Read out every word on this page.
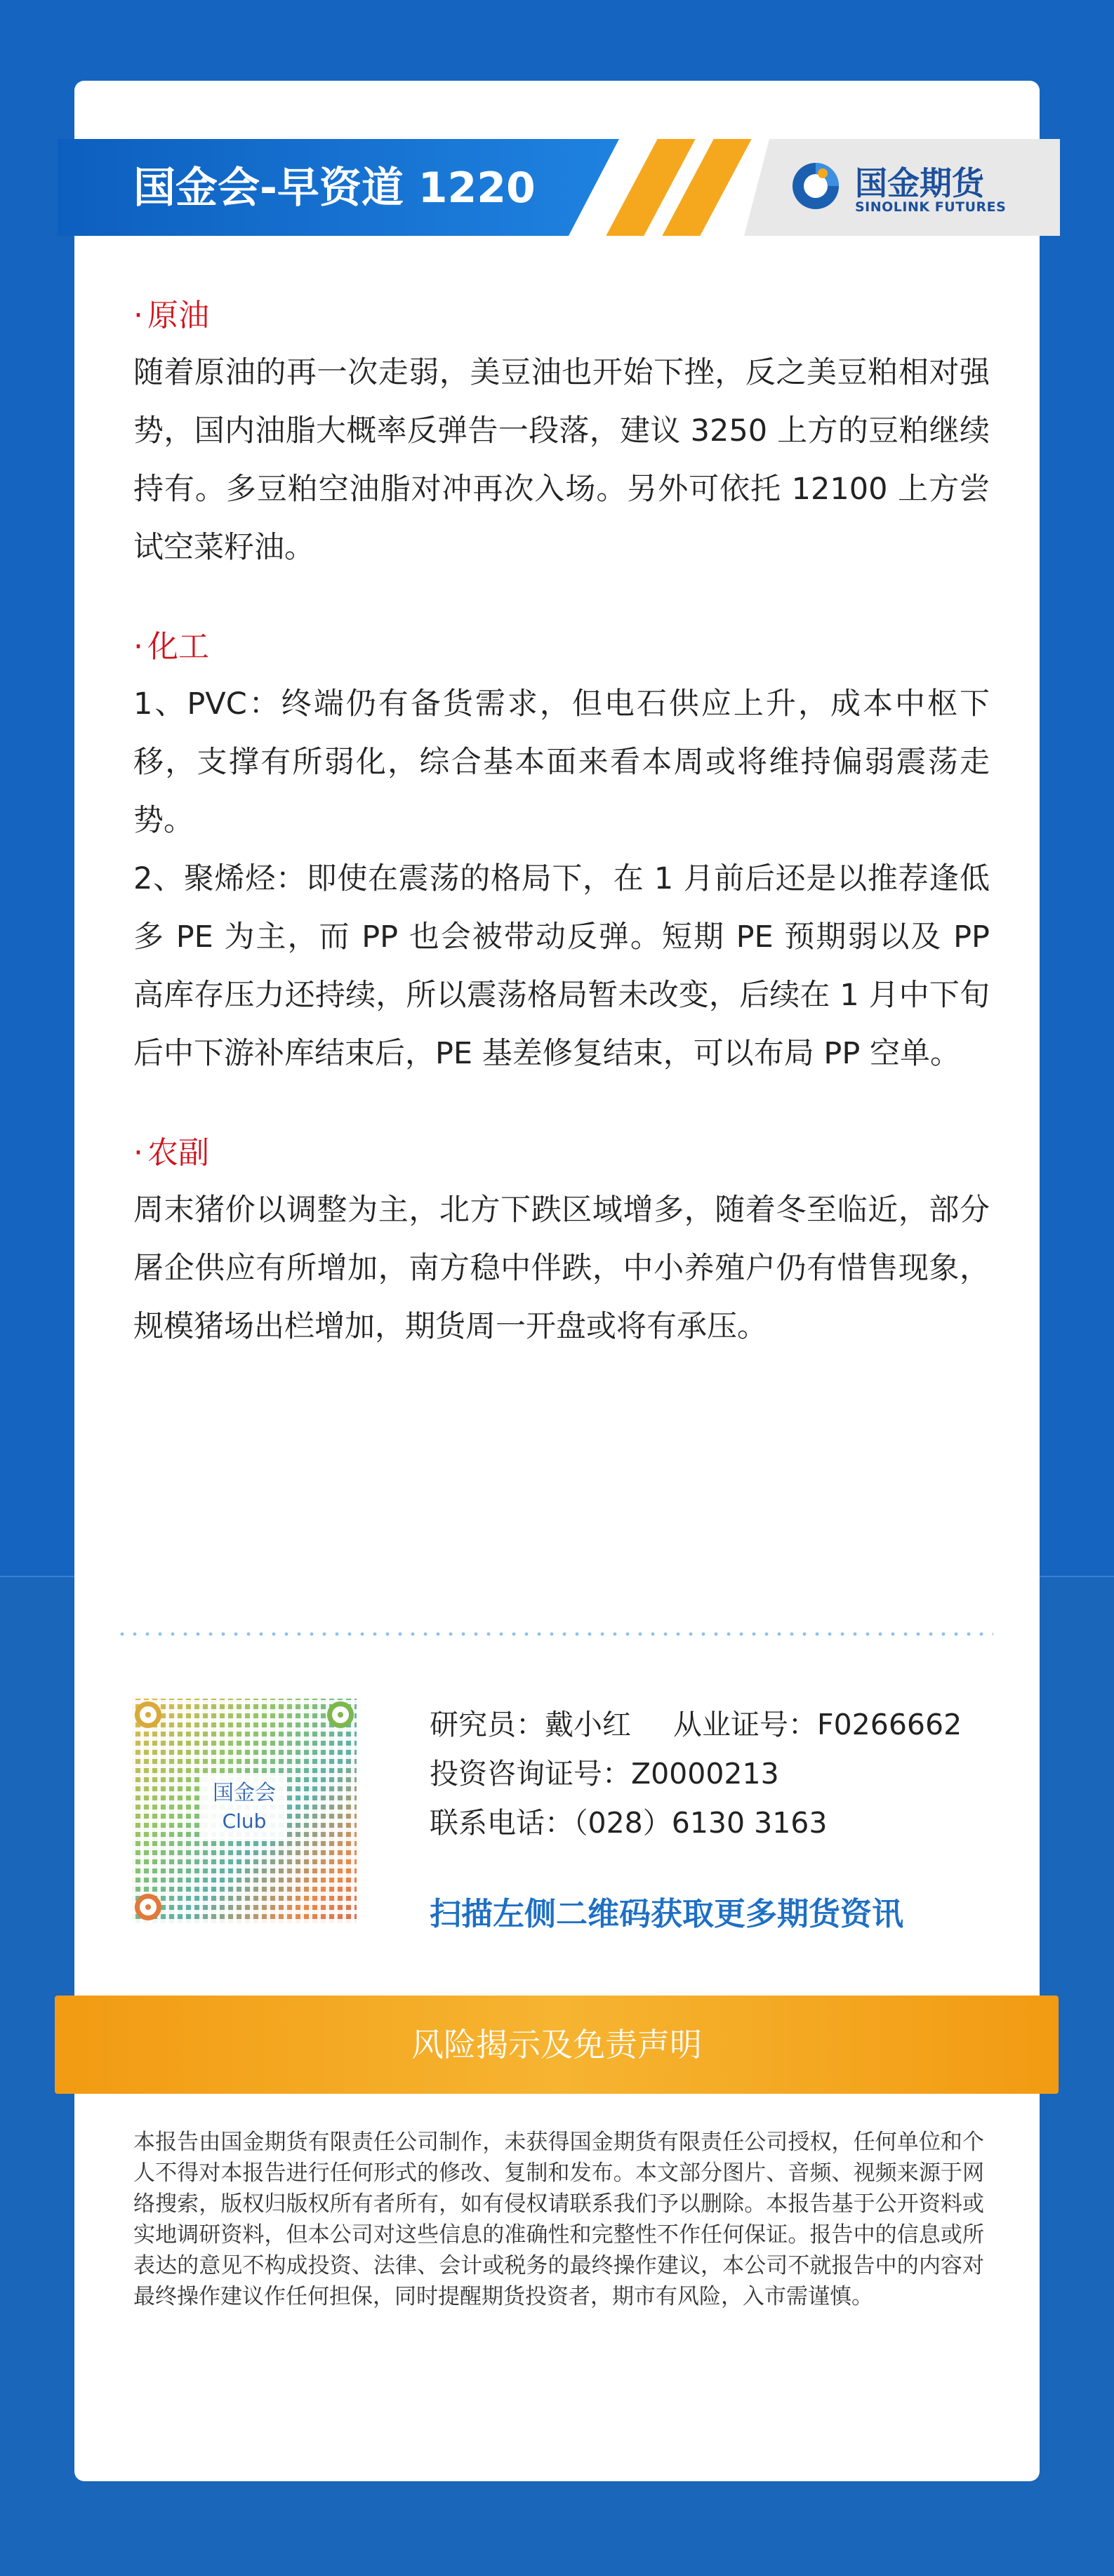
国金会-早资道 1220	国金期货
SINOLINK FUTURES
· 原油

随着原油的再一次走弱，美豆油也开始下挫，反之美豆粕相对强势，国内油脂大概率反弹告一段落，建议 3250 上方的豆粕继续持有。多豆粕空油脂对冲再次入场。另外可依托 12100 上方尝试空菜籽油。

· 化工

1、PVC：终端仍有备货需求，但电石供应上升，成本中枢下移，支撑有所弱化，综合基本面来看本周或将维持偏弱震荡走势。

2、聚烯烃：即使在震荡的格局下，在 1 月前后还是以推荐逢低多 PE 为主，而 PP 也会被带动反弹。短期 PE 预期弱以及 PP 高库存压力还持续，所以震荡格局暂未改变，后续在 1 月中下旬后中下游补库结束后，PE 基差修复结束，可以布局 PP 空单。

· 农副

周末猪价以调整为主，北方下跌区域增多，随着冬至临近，部分屠企供应有所增加，南方稳中伴跌，中小养殖户仍有惜售现象，规模猪场出栏增加，期货周一开盘或将有承压。

国金会
Club
研究员：戴小红 从业证号：F0266662
投资咨询证号：Z0000213
联系电话：（028）6130 3163
扫描左侧二维码获取更多期货资讯
风险揭示及免责声明
本报告由国金期货有限责任公司制作，未获得国金期货有限责任公司授权，任何单位和个人不得对本报告进行任何形式的修改、复制和发布。本文部分图片、音频、视频来源于网络搜索，版权归版权所有者所有，如有侵权请联系我们予以删除。本报告基于公开资料或实地调研资料，但本公司对这些信息的准确性和完整性不作任何保证。报告中的信息或所表达的意见不构成投资、法律、会计或税务的最终操作建议，本公司不就报告中的内容对最终操作建议作任何担保，同时提醒期货投资者，期市有风险，入市需谨慎。
